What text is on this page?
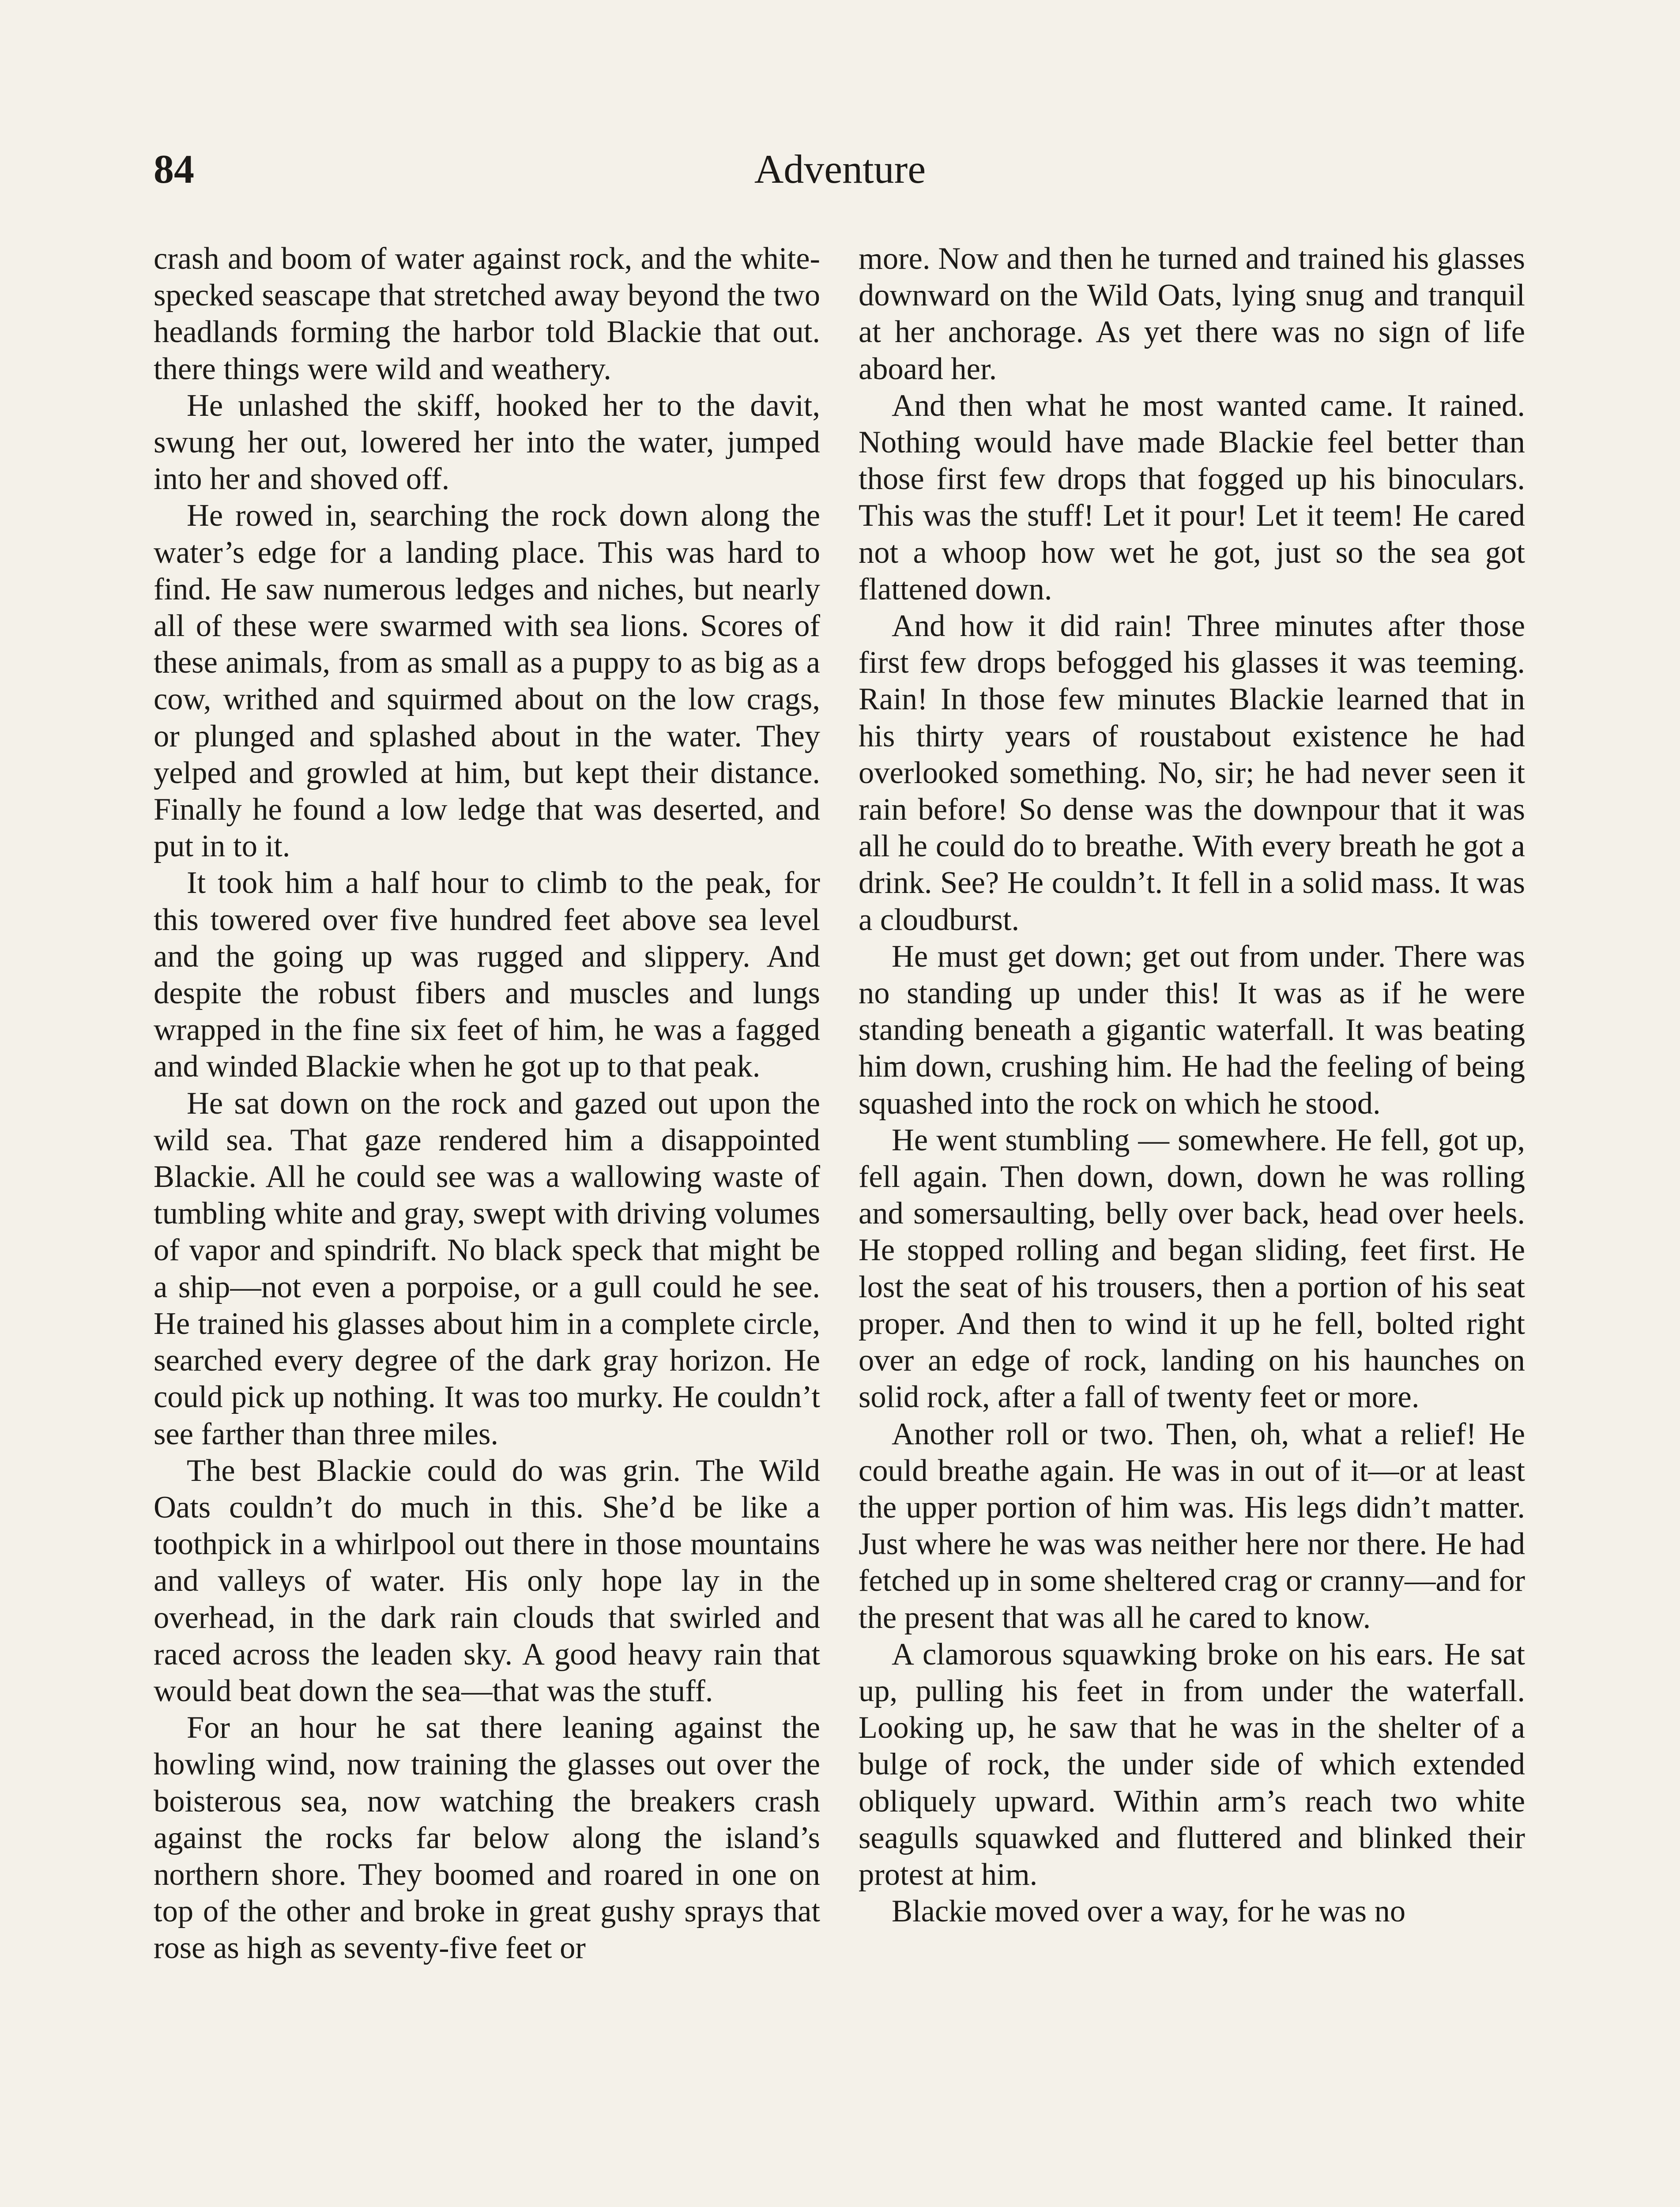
84	Adventure

crash and boom of water against rock, and the white-specked seascape that stretched away beyond the two headlands forming the harbor told Blackie that out. there things were wild and weathery.

He unlashed the skiff, hooked her to the davit, swung her out, lowered her into the water, jumped into her and shoved off.

He rowed in, searching the rock down along the water’s edge for a landing place. This was hard to find. He saw numerous ledges and niches, but nearly all of these were swarmed with sea lions. Scores of these animals, from as small as a puppy to as big as a cow, writhed and squirmed about on the low crags, or plunged and splashed about in the water. They yelped and growled at him, but kept their distance. Finally he found a low ledge that was deserted, and put in to it.

It took him a half hour to climb to the peak, for this towered over five hundred feet above sea level and the going up was rugged and slippery. And despite the robust fibers and muscles and lungs wrapped in the fine six feet of him, he was a fagged and winded Blackie when he got up to that peak.

He sat down on the rock and gazed out upon the wild sea. That gaze rendered him a disappointed Blackie. All he could see was a wallowing waste of tumbling white and gray, swept with driving volumes of vapor and spindrift. No black speck that might be a ship—not even a porpoise, or a gull could he see. He trained his glasses about him in a complete circle, searched every degree of the dark gray horizon. He could pick up nothing. It was too murky. He couldn’t see farther than three miles.

The best Blackie could do was grin. The Wild Oats couldn’t do much in this. She’d be like a toothpick in a whirlpool out there in those mountains and valleys of water. His only hope lay in the overhead, in the dark rain clouds that swirled and raced across the leaden sky. A good heavy rain that would beat down the sea—that was the stuff.

For an hour he sat there leaning against the howling wind, now training the glasses out over the boisterous sea, now watching the breakers crash against the rocks far below along the island’s northern shore. They boomed and roared in one on top of the other and broke in great gushy sprays that rose as high as seventy-five feet or

more. Now and then he turned and trained his glasses downward on the Wild Oats, lying snug and tranquil at her anchorage. As yet there was no sign of life aboard her.

And then what he most wanted came. It rained. Nothing would have made Blackie feel better than those first few drops that fogged up his binoculars. This was the stuff! Let it pour! Let it teem! He cared not a whoop how wet he got, just so the sea got flattened down.

And how it did rain! Three minutes after those first few drops befogged his glasses it was teeming. Rain! In those few minutes Blackie learned that in his thirty years of roustabout existence he had overlooked something. No, sir; he had never seen it rain before! So dense was the downpour that it was all he could do to breathe. With every breath he got a drink. See? He couldn’t. It fell in a solid mass. It was a cloudburst.

He must get down; get out from under. There was no standing up under this! It was as if he were standing beneath a gigantic waterfall. It was beating him down, crushing him. He had the feeling of being squashed into the rock on which he stood.

He went stumbling — somewhere. He fell, got up, fell again. Then down, down, down he was rolling and somersaulting, belly over back, head over heels. He stopped rolling and began sliding, feet first. He lost the seat of his trousers, then a portion of his seat proper. And then to wind it up he fell, bolted right over an edge of rock, landing on his haunches on solid rock, after a fall of twenty feet or more.

Another roll or two. Then, oh, what a relief! He could breathe again. He was in out of it—or at least the upper portion of him was. His legs didn’t matter. Just where he was was neither here nor there. He had fetched up in some sheltered crag or cranny—and for the present that was all he cared to know.

A clamorous squawking broke on his ears. He sat up, pulling his feet in from under the waterfall. Looking up, he saw that he was in the shelter of a bulge of rock, the under side of which extended obliquely upward. Within arm’s reach two white seagulls squawked and fluttered and blinked their protest at him.

Blackie moved over a way, for he was no
